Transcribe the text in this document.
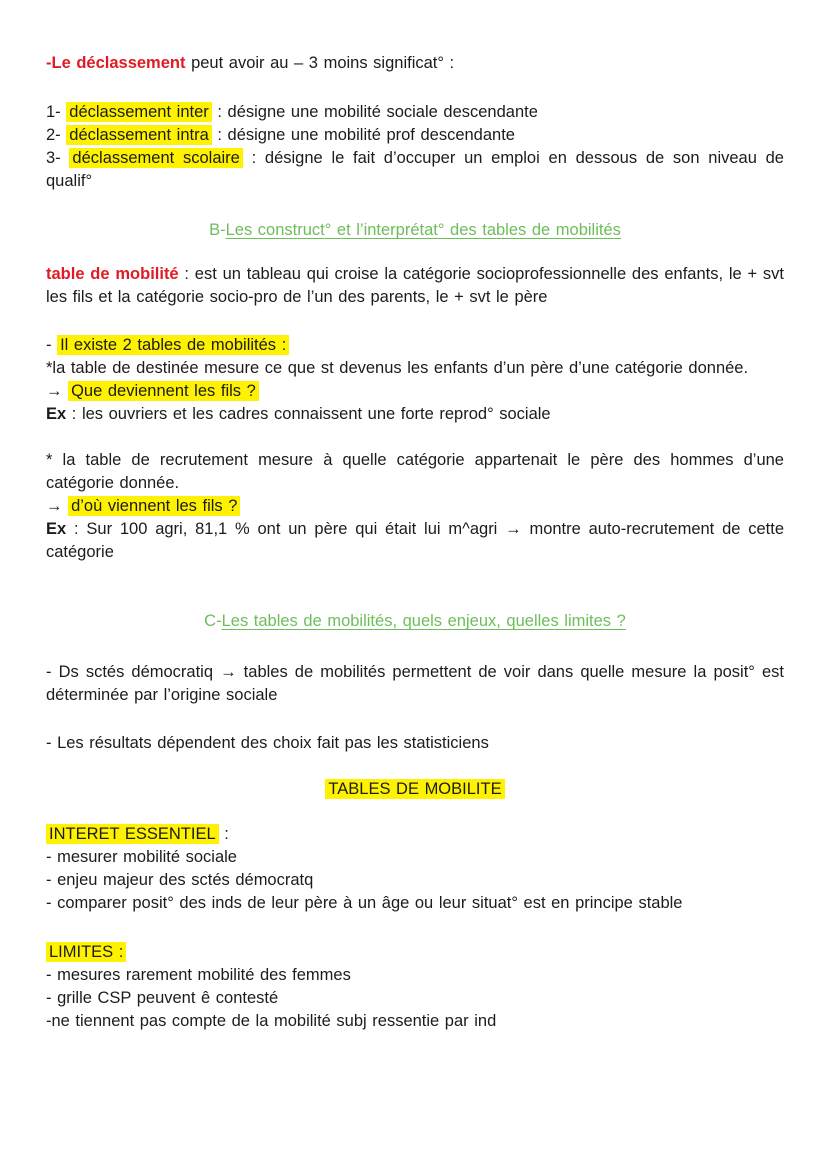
-Le déclassement peut avoir au – 3 moins significat° :

1- déclassement inter : désigne une mobilité sociale descendante

2- déclassement intra : désigne une mobilité prof descendante

3- déclassement scolaire : désigne le fait d’occuper un emploi en dessous de son niveau de qualif°

B-Les construct° et l’interprétat° des tables de mobilités

table de mobilité : est un tableau qui croise la catégorie socioprofessionnelle des enfants, le + svt les fils et la catégorie socio-pro de l’un des parents, le + svt le père

- Il existe 2 tables de mobilités :

*la table de destinée mesure ce que st devenus les enfants d’un père d’une catégorie donnée.

→ Que deviennent les fils ?

Ex : les ouvriers et les cadres connaissent une forte reprod° sociale

* la table de recrutement mesure à quelle catégorie appartenait le père des hommes d’une catégorie donnée.

→ d’où viennent les fils ?

Ex : Sur 100 agri, 81,1 % ont un père qui était lui m^agri → montre auto-recrutement de cette catégorie

C-Les tables de mobilités, quels enjeux, quelles limites ?

- Ds sctés démocratiq → tables de mobilités permettent de voir dans quelle mesure la posit° est déterminée par l’origine sociale

- Les résultats dépendent des choix fait pas les statisticiens

TABLES DE MOBILITE

INTERET ESSENTIEL :

- mesurer mobilité sociale

- enjeu majeur des sctés démocratq

- comparer posit° des inds de leur père à un âge ou leur situat° est en principe stable

LIMITES :

- mesures rarement mobilité des femmes

- grille CSP peuvent ê contesté

-ne tiennent pas compte de la mobilité subj ressentie par ind
